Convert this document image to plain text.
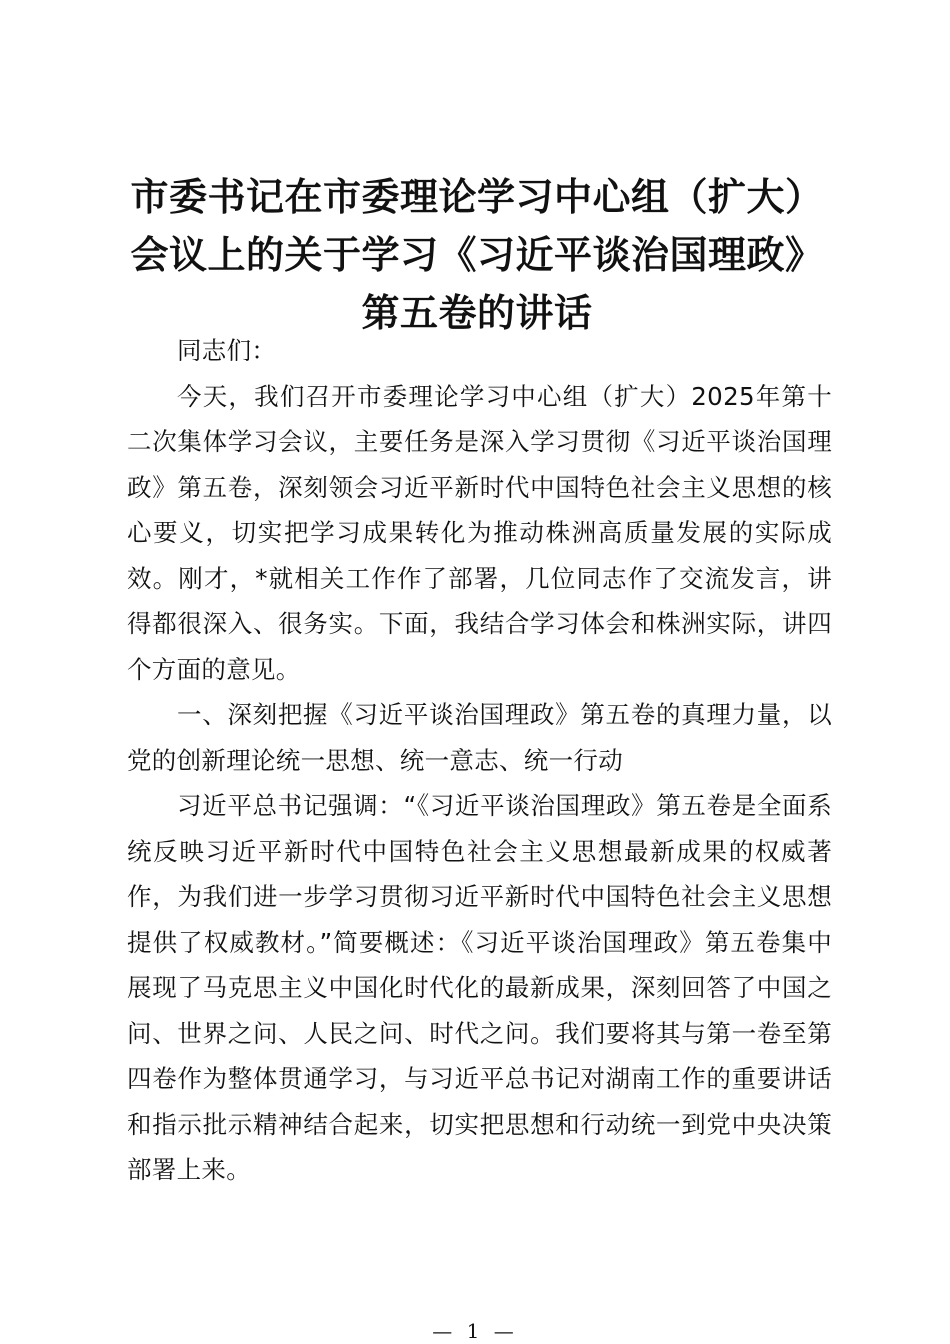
市委书记在市委理论学习中心组（扩大）会议上的关于学习《习近平谈治国理政》第五卷的讲话

同志们：

今天，我们召开市委理论学习中心组（扩大）2025年第十二次集体学习会议，主要任务是深入学习贯彻《习近平谈治国理政》第五卷，深刻领会习近平新时代中国特色社会主义思想的核心要义，切实把学习成果转化为推动株洲高质量发展的实际成效。刚才，*就相关工作作了部署，几位同志作了交流发言，讲得都很深入、很务实。下面，我结合学习体会和株洲实际，讲四个方面的意见。

一、深刻把握《习近平谈治国理政》第五卷的真理力量，以党的创新理论统一思想、统一意志、统一行动

习近平总书记强调：“《习近平谈治国理政》第五卷是全面系统反映习近平新时代中国特色社会主义思想最新成果的权威著作，为我们进一步学习贯彻习近平新时代中国特色社会主义思想提供了权威教材。”简要概述：《习近平谈治国理政》第五卷集中展现了马克思主义中国化时代化的最新成果，深刻回答了中国之问、世界之问、人民之问、时代之问。我们要将其与第一卷至第四卷作为整体贯通学习，与习近平总书记对湖南工作的重要讲话和指示批示精神结合起来，切实把思想和行动统一到党中央决策部署上来。

— 1 —
